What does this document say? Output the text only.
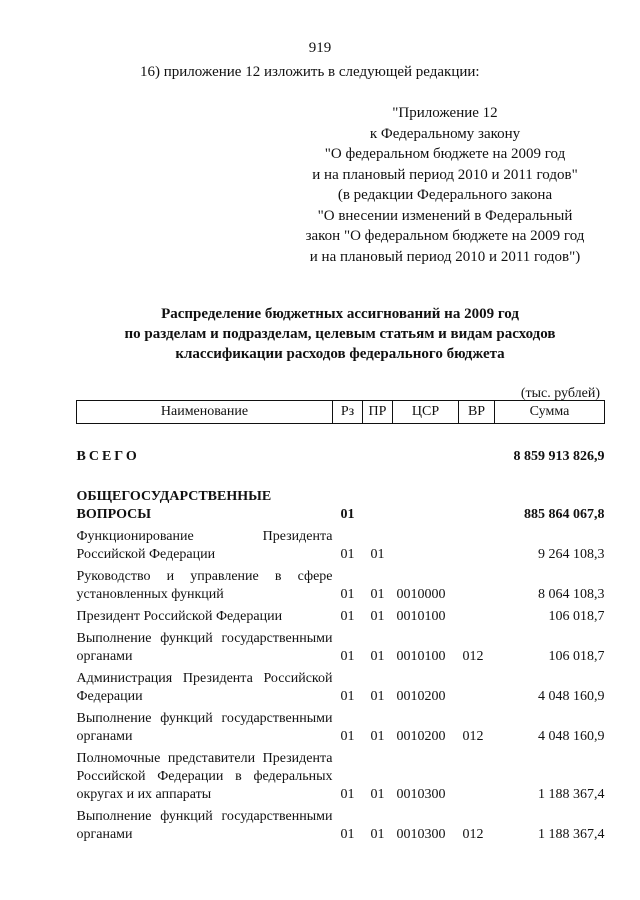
919
16) приложение 12 изложить в следующей редакции:
"Приложение 12
к Федеральному закону
"О федеральном бюджете на 2009 год
и на плановый период 2010 и 2011 годов"
(в редакции Федерального закона
"О внесении изменений в Федеральный
закон "О федеральном бюджете на 2009 год
и на плановый период 2010 и 2011 годов")
Распределение бюджетных ассигнований на 2009 год
по разделам и подразделам, целевым статьям и видам расходов
классификации расходов федерального бюджета
(тыс. рублей)
Наименование	Рз	ПР	ЦСР	ВР	Сумма
ВСЕГО					8 859 913 826,9
ОБЩЕГОСУДАРСТВЕННЫЕ ВОПРОСЫ	01				885 864 067,8
Функционирование Президента Российской Федерации	01	01			9 264 108,3
Руководство и управление в сфере установленных функций	01	01	0010000		8 064 108,3
Президент Российской Федерации	01	01	0010100		106 018,7
Выполнение функций государственными органами	01	01	0010100	012	106 018,7
Администрация Президента Российской Федерации	01	01	0010200		4 048 160,9
Выполнение функций государственными органами	01	01	0010200	012	4 048 160,9
Полномочные представители Президента Российской Федерации в федеральных округах и их аппараты	01	01	0010300		1 188 367,4
Выполнение функций государственными органами	01	01	0010300	012	1 188 367,4
